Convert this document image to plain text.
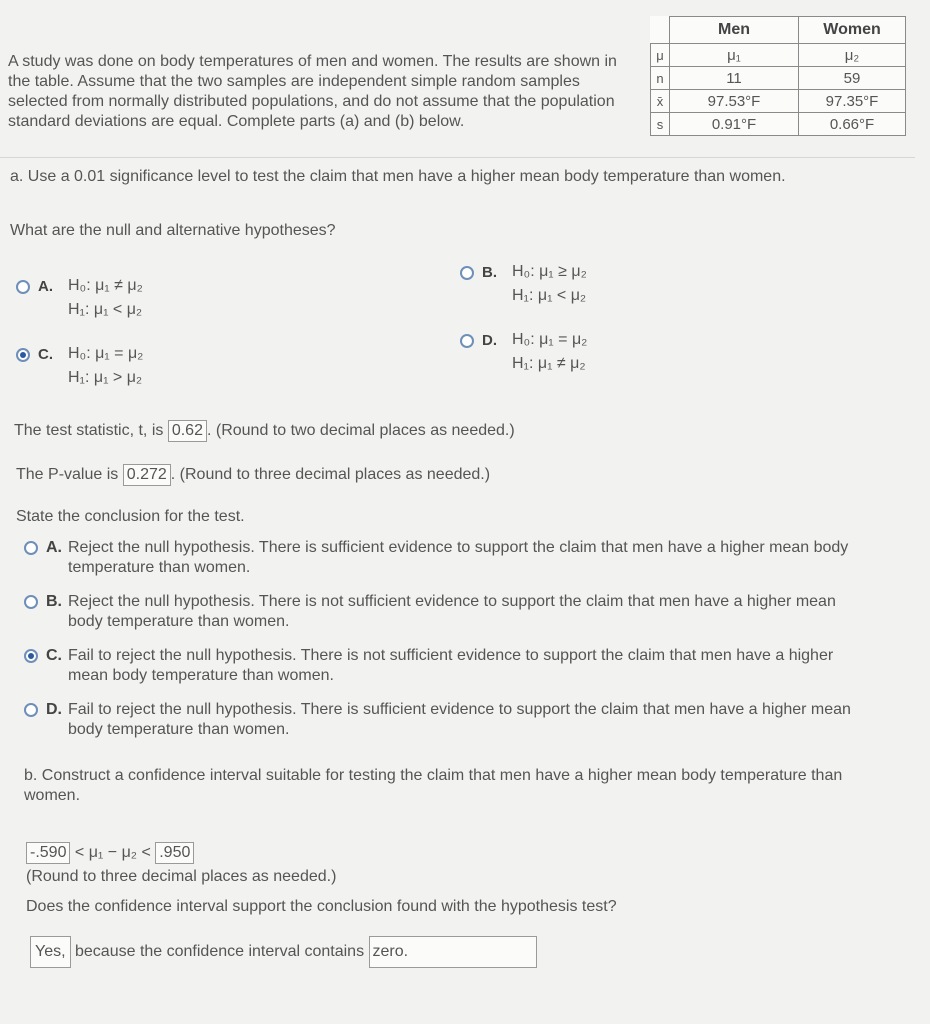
A study was done on body temperatures of men and women. The results are shown in
the table. Assume that the two samples are independent simple random samples
selected from normally distributed populations, and do not assume that the population
standard deviations are equal. Complete parts (a) and (b) below.
	Men	Women
μ	μ₁	μ₂
n	11	59
x̄	97.53°F	97.35°F
s	0.91°F	0.66°F
a. Use a 0.01 significance level to test the claim that men have a higher mean body temperature than women.
What are the null and alternative hypotheses?
A. H₀: μ₁ ≠ μ₂
H₁: μ₁ < μ₂
B. H₀: μ₁ ≥ μ₂
H₁: μ₁ < μ₂
C. H₀: μ₁ = μ₂
H₁: μ₁ > μ₂
D. H₀: μ₁ = μ₂
H₁: μ₁ ≠ μ₂
The test statistic, t, is 0.62 . (Round to two decimal places as needed.)
The P-value is 0.272 . (Round to three decimal places as needed.)
State the conclusion for the test.
A. Reject the null hypothesis. There is sufficient evidence to support the claim that men have a higher mean body
temperature than women.
B. Reject the null hypothesis. There is not sufficient evidence to support the claim that men have a higher mean
body temperature than women.
C. Fail to reject the null hypothesis. There is not sufficient evidence to support the claim that men have a higher
mean body temperature than women.
D. Fail to reject the null hypothesis. There is sufficient evidence to support the claim that men have a higher mean
body temperature than women.
b. Construct a confidence interval suitable for testing the claim that men have a higher mean body temperature than
women.
-.590 < μ₁ − μ₂ < .950
(Round to three decimal places as needed.)
Does the confidence interval support the conclusion found with the hypothesis test?
Yes, because the confidence interval contains zero.
